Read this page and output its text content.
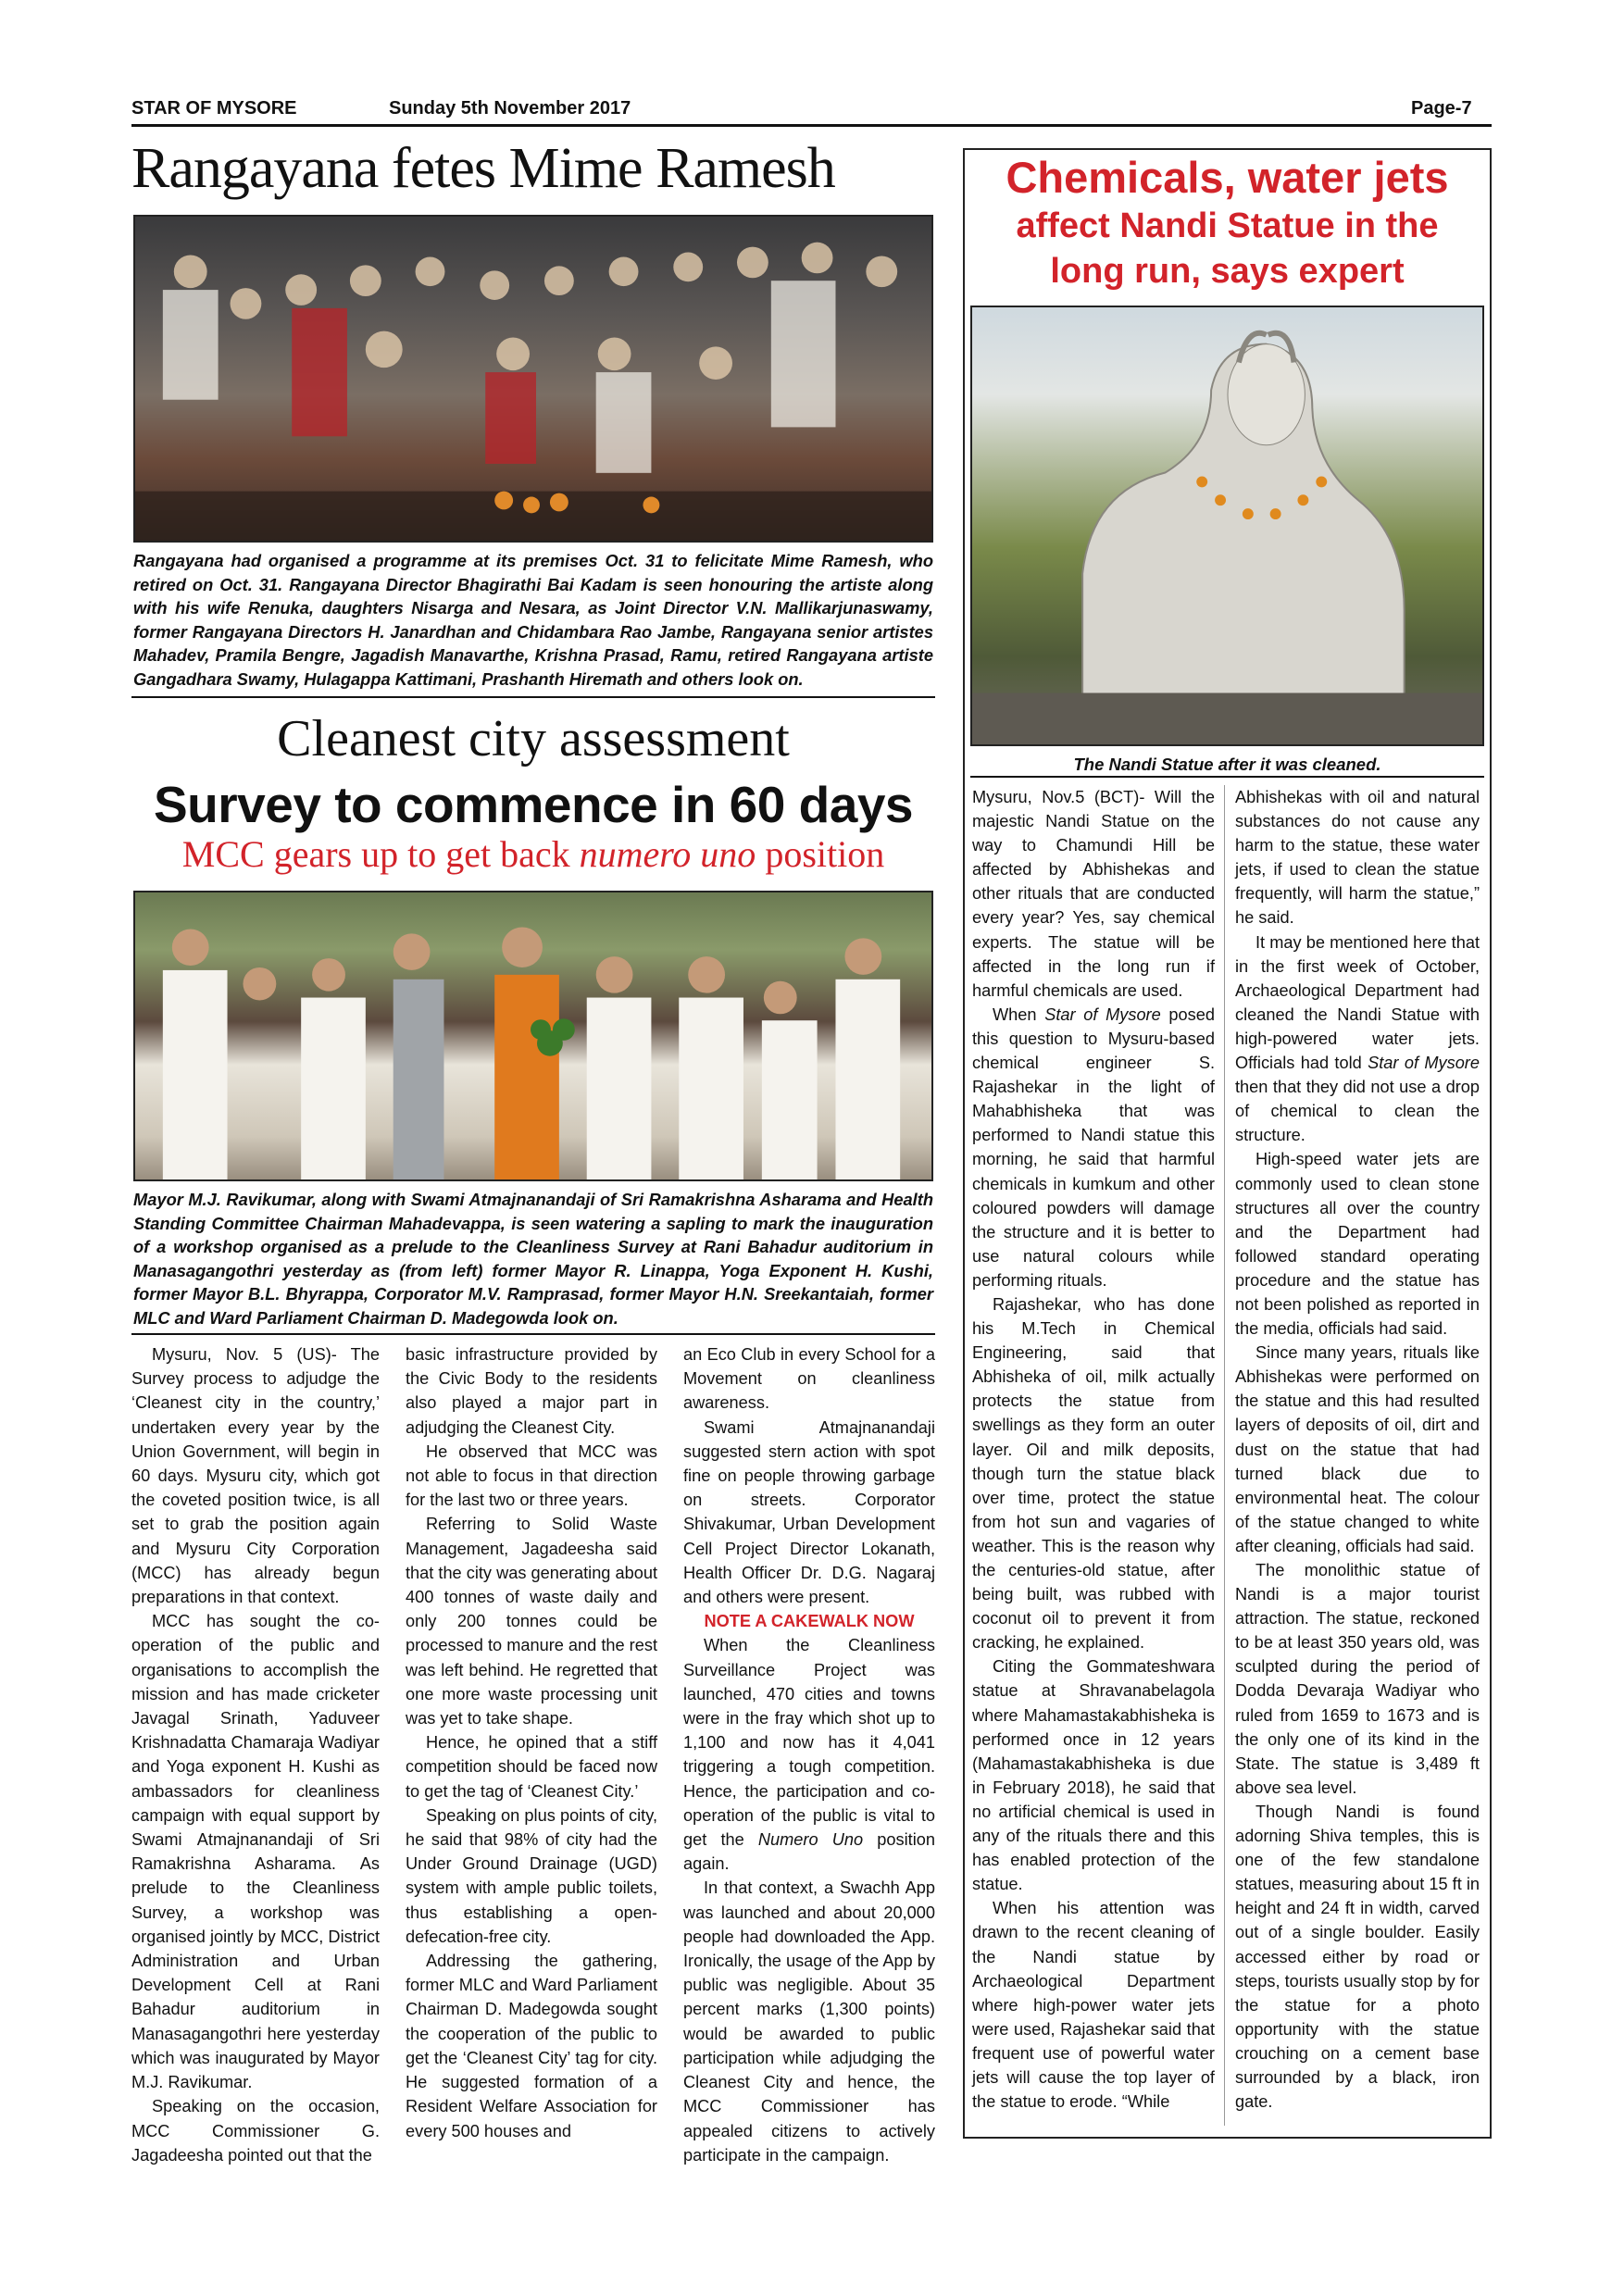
STAR OF MYSORE	Sunday 5th November 2017	Page-7
Rangayana fetes Mime Ramesh
Rangayana had organised a programme at its premises Oct. 31 to felicitate Mime Ramesh, who retired on Oct. 31. Rangayana Director Bhagirathi Bai Kadam is seen honouring the artiste along with his wife Renuka, daughters Nisarga and Nesara, as Joint Director V.N. Mallikarjunaswamy, former Rangayana Directors H. Janardhan and Chidambara Rao Jambe, Rangayana senior artistes Mahadev, Pramila Bengre, Jagadish Manavarthe, Krishna Prasad, Ramu, retired Rangayana artiste Gangadhara Swamy, Hulagappa Kattimani, Prashanth Hiremath and others look on.
Cleanest city assessment
Survey to commence in 60 days
MCC gears up to get back numero uno position
Mayor M.J. Ravikumar, along with Swami Atmajnanandaji of Sri Ramakrishna Asharama and Health Standing Committee Chairman Mahadevappa, is seen watering a sapling to mark the inauguration of a workshop organised as a prelude to the Cleanliness Survey at Rani Bahadur auditorium in Manasagangothri yesterday as (from left) former Mayor R. Linappa, Yoga Exponent H. Kushi, former Mayor B.L. Bhyrappa, Corporator M.V. Ramprasad, former Mayor H.N. Sreekantaiah, former MLC and Ward Parliament Chairman D. Madegowda look on.

Mysuru, Nov. 5 (US)- The Survey process to adjudge the ‘Cleanest city in the country,’ undertaken every year by the Union Government, will begin in 60 days. Mysuru city, which got the coveted position twice, is all set to grab the position again and Mysuru City Corporation (MCC) has already begun preparations in that context.

MCC has sought the co-operation of the public and organisations to accomplish the mission and has made cricketer Javagal Srinath, Yaduveer Krishnadatta Chamaraja Wadiyar and Yoga exponent H. Kushi as ambassadors for cleanliness campaign with equal support by Swami Atmajnanandaji of Sri Ramakrishna Asharama. As prelude to the Cleanliness Survey, a workshop was organised jointly by MCC, District Administration and Urban Development Cell at Rani Bahadur auditorium in Manasagangothri here yesterday which was inaugurated by Mayor M.J. Ravikumar.

Speaking on the occasion, MCC Commissioner G. Jagadeesha pointed out that the

basic infrastructure provided by the Civic Body to the residents also played a major part in adjudging the Cleanest City.

He observed that MCC was not able to focus in that direction for the last two or three years.

Referring to Solid Waste Management, Jagadeesha said that the city was generating about 400 tonnes of waste daily and only 200 tonnes could be processed to manure and the rest was left behind. He regretted that one more waste processing unit was yet to take shape.

Hence, he opined that a stiff competition should be faced now to get the tag of ‘Cleanest City.’

Speaking on plus points of city, he said that 98% of city had the Under Ground Drainage (UGD) system with ample public toilets, thus establishing a open-defecation-free city.

Addressing the gathering, former MLC and Ward Parliament Chairman D. Madegowda sought the cooperation of the public to get the ‘Cleanest City’ tag for city. He suggested formation of a Resident Welfare Association for every 500 houses and

an Eco Club in every School for a Movement on cleanliness awareness.

Swami Atmajnanandaji suggested stern action with spot fine on people throwing garbage on streets. Corporator Shivakumar, Urban Development Cell Project Director Lokanath, Health Officer Dr. D.G. Nagaraj and others were present.

NOTE A CAKEWALK NOW

When the Cleanliness Surveillance Project was launched, 470 cities and towns were in the fray which shot up to 1,100 and now has it 4,041 triggering a tough competition. Hence, the participation and co-operation of the public is vital to get the Numero Uno position again.

In that context, a Swachh App was launched and about 20,000 people had downloaded the App. Ironically, the usage of the App by public was negligible. About 35 percent marks (1,300 points) would be awarded to public participation while adjudging the Cleanest City and hence, the MCC Commissioner has appealed citizens to actively participate in the campaign.

Chemicals, water jets
affect Nandi Statue in the
long run, says expert
The Nandi Statue after it was cleaned.

Mysuru, Nov.5 (BCT)- Will the majestic Nandi Statue on the way to Chamundi Hill be affected by Abhishekas and other rituals that are conducted every year? Yes, say chemical experts. The statue will be affected in the long run if harmful chemicals are used.

When Star of Mysore posed this question to Mysuru-based chemical engineer S. Rajashekar in the light of Mahabhisheka that was performed to Nandi statue this morning, he said that harmful chemicals in kumkum and other coloured powders will damage the structure and it is better to use natural colours while performing rituals.

Rajashekar, who has done his M.Tech in Chemical Engineering, said that Abhisheka of oil, milk actually protects the statue from swellings as they form an outer layer. Oil and milk deposits, though turn the statue black over time, protect the statue from hot sun and vagaries of weather. This is the reason why the centuries-old statue, after being built, was rubbed with coconut oil to prevent it from cracking, he explained.

Citing the Gommateshwara statue at Shravanabelagola where Mahamastakabhisheka is performed once in 12 years (Mahamastakabhisheka is due in February 2018), he said that no artificial chemical is used in any of the rituals there and this has enabled protection of the statue.

When his attention was drawn to the recent cleaning of the Nandi statue by Archaeological Department where high-power water jets were used, Rajashekar said that frequent use of powerful water jets will cause the top layer of the statue to erode. “While

Abhishekas with oil and natural substances do not cause any harm to the statue, these water jets, if used to clean the statue frequently, will harm the statue,” he said.

It may be mentioned here that in the first week of October, Archaeological Department had cleaned the Nandi Statue with high-powered water jets. Officials had told Star of Mysore then that they did not use a drop of chemical to clean the structure.

High-speed water jets are commonly used to clean stone structures all over the country and the Department had followed standard operating procedure and the statue has not been polished as reported in the media, officials had said.

Since many years, rituals like Abhishekas were performed on the statue and this had resulted layers of deposits of oil, dirt and dust on the statue that had turned black due to environmental heat. The colour of the statue changed to white after cleaning, officials had said.

The monolithic statue of Nandi is a major tourist attraction. The statue, reckoned to be at least 350 years old, was sculpted during the period of Dodda Devaraja Wadiyar who ruled from 1659 to 1673 and is the only one of its kind in the State. The statue is 3,489 ft above sea level.

Though Nandi is found adorning Shiva temples, this is one of the few standalone statues, measuring about 15 ft in height and 24 ft in width, carved out of a single boulder. Easily accessed either by road or steps, tourists usually stop by for the statue for a photo opportunity with the statue crouching on a cement base surrounded by a black, iron gate.
